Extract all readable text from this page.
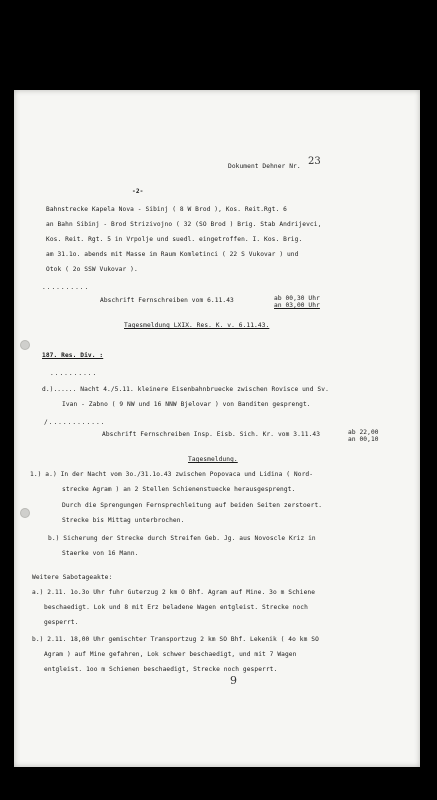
Dokument Dehner Nr. 23
-2-
Bahnstrecke Kapela Nova - Sibinj ( 8 W Brod ), Kos. Reit.Rgt. 6
an Bahn Sibinj - Brod Strizivojno ( 32 (SO Brod ) Brig. Stab Andrijevci,
Kos. Reit. Rgt. 5 in Vrpolje und suedl. eingetroffen. I. Kos. Brig.
am 31.1o. abends mit Masse im Raum Komletinci ( 22 S Vukovar ) und
Otok ( 2o SSW Vukovar ).
..........
Abschrift Fernschreiben vom 6.11.43	ab 00,30 Uhr
an 03,00 Uhr
Tagesmeldung LXIX. Res. K. v. 6.11.43.
187. Res. Div. :
..........
d.)...... Nacht 4./5.11. kleinere Eisenbahnbruecke zwischen Rovisce und Sv.
Ivan - Zabno ( 9 NW und 16 NNW Bjelovar ) von Banditen gesprengt.
/............
Abschrift Fernschreiben Insp. Eisb. Sich. Kr. vom 3.11.43	ab 22,00
an 00,10
Tagesmeldung.
1.) a.) In der Nacht vom 3o./31.1o.43 zwischen Popovaca und Lidina ( Nord-
strecke Agram ) an 2 Stellen Schienenstuecke herausgesprengt.
Durch die Sprengungen Fernsprechleitung auf beiden Seiten zerstoert.
Strecke bis Mittag unterbrochen.
b.) Sicherung der Strecke durch Streifen Geb. Jg. aus Novoscle Kriz in
Staerke von 16 Mann.
Weitere Sabotageakte:
a.) 2.11. 1o.3o Uhr fuhr Guterzug 2 km O Bhf. Agram auf Mine. 3o m Schiene
beschaedigt. Lok und 8 mit Erz beladene Wagen entgleist. Strecke noch
gesperrt.
b.) 2.11. 18,00 Uhr gemischter Transportzug 2 km SO Bhf. Lekenik ( 4o km SO
Agram ) auf Mine gefahren, Lok schwer beschaedigt, und mit 7 Wagen
entgleist. 1oo m Schienen beschaedigt, Strecke noch gesperrt.
9
